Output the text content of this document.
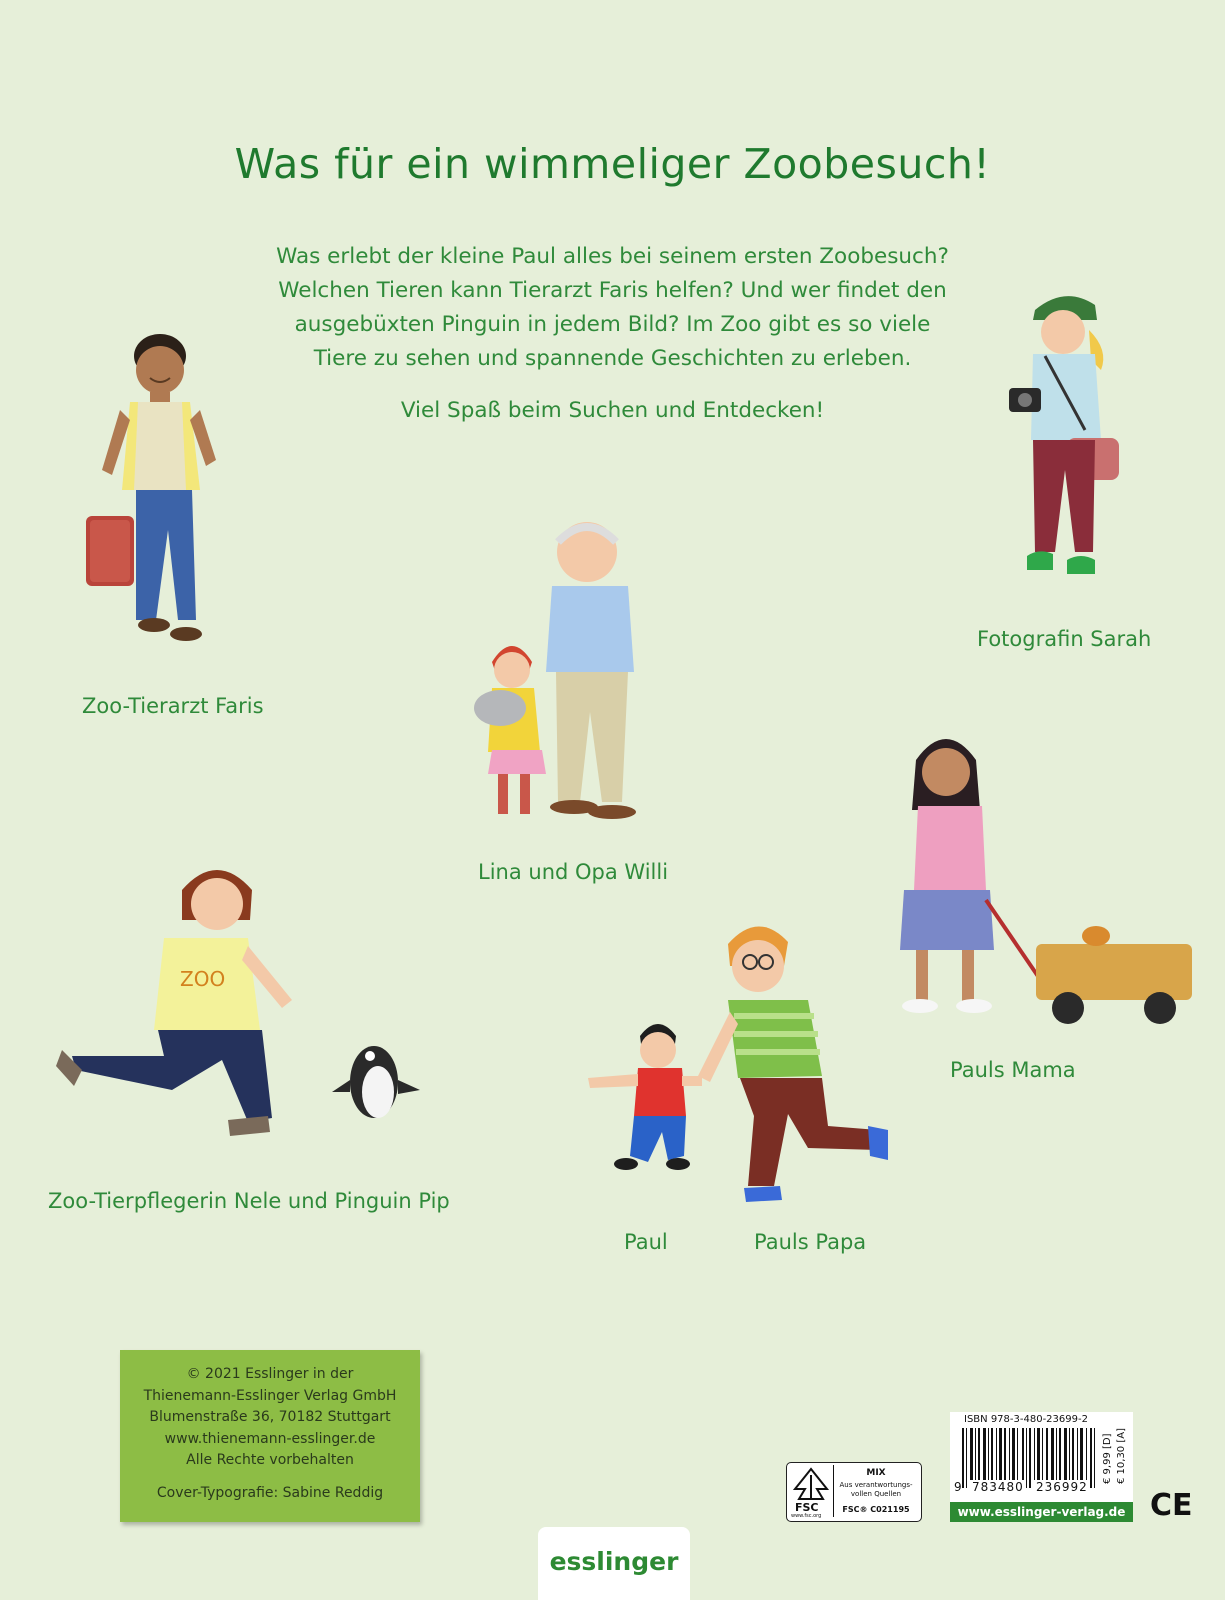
Was für ein wimmeliger Zoobesuch!

Was erlebt der kleine Paul alles bei seinem ersten Zoobesuch?

Welchen Tieren kann Tierarzt Faris helfen? Und wer findet den

ausgebüxten Pinguin in jedem Bild? Im Zoo gibt es so viele

Tiere zu sehen und spannende Geschichten zu erleben.

Viel Spaß beim Suchen und Entdecken!

Zoo-Tierarzt Faris
Fotografin Sarah
Lina und Opa Willi
ZOO
Zoo-Tierpflegerin Nele und Pinguin Pip
Pauls Mama
Paul	Pauls Papa
© 2021 Esslinger in der
Thienemann-Esslinger Verlag GmbH
Blumenstraße 36, 70182 Stuttgart
www.thienemann-esslinger.de
Alle Rechte vorbehalten
Cover-Typografie: Sabine Reddig
FSC
www.fsc.org
MIX
Aus verantwortungs-
vollen Quellen
FSC® C021195
ISBN 978-3-480-23699-2
9 783480 236992
€ 9,99 [D] € 10,30 [A]
www.esslinger-verlag.de CE
esslinger
